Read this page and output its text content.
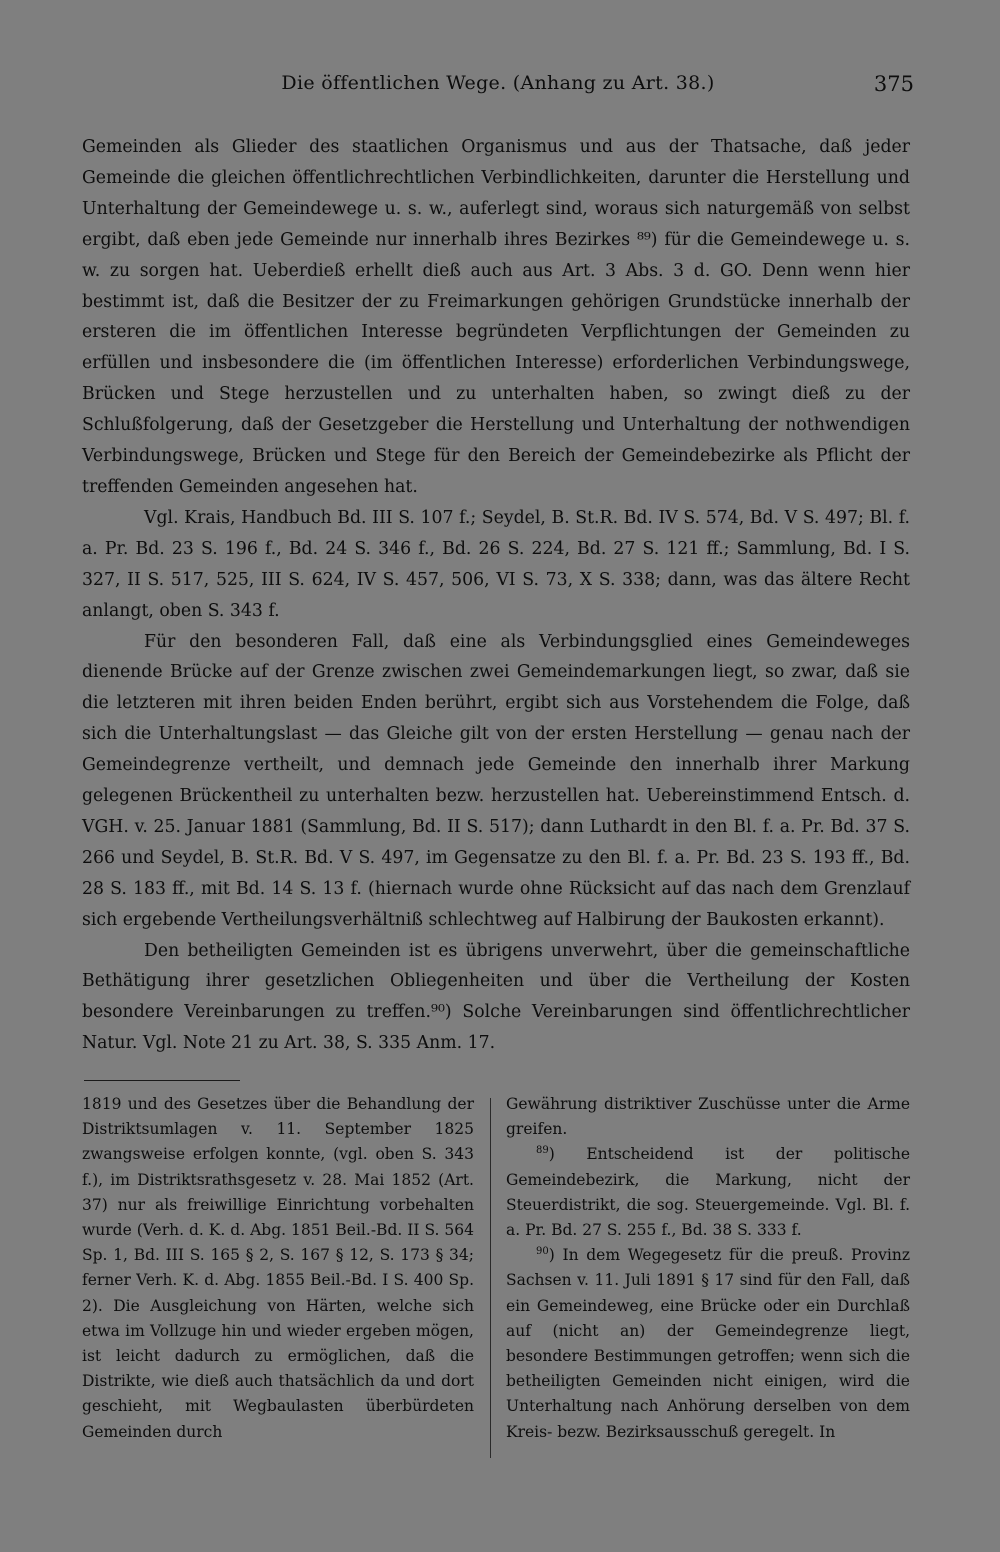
Die öffentlichen Wege. (Anhang zu Art. 38.)	375

Gemeinden als Glieder des staatlichen Organismus und aus der Thatsache, daß jeder Gemeinde die gleichen öffentlichrechtlichen Verbindlichkeiten, darunter die Herstellung und Unterhaltung der Gemeindewege u. s. w., auferlegt sind, woraus sich naturgemäß von selbst ergibt, daß eben jede Gemeinde nur innerhalb ihres Bezirkes ⁸⁹) für die Gemeindewege u. s. w. zu sorgen hat. Ueberdieß erhellt dieß auch aus Art. 3 Abs. 3 d. GO. Denn wenn hier bestimmt ist, daß die Besitzer der zu Freimarkungen gehörigen Grundstücke innerhalb der ersteren die im öffentlichen Interesse begründeten Verpflichtungen der Gemeinden zu erfüllen und insbesondere die (im öffentlichen Interesse) erforderlichen Verbindungswege, Brücken und Stege herzustellen und zu unterhalten haben, so zwingt dieß zu der Schlußfolgerung, daß der Gesetzgeber die Herstellung und Unterhaltung der nothwendigen Verbindungswege, Brücken und Stege für den Bereich der Gemeindebezirke als Pflicht der treffenden Gemeinden angesehen hat.

Vgl. Krais, Handbuch Bd. III S. 107 f.; Seydel, B. St.R. Bd. IV S. 574, Bd. V S. 497; Bl. f. a. Pr. Bd. 23 S. 196 f., Bd. 24 S. 346 f., Bd. 26 S. 224, Bd. 27 S. 121 ff.; Sammlung, Bd. I S. 327, II S. 517, 525, III S. 624, IV S. 457, 506, VI S. 73, X S. 338; dann, was das ältere Recht anlangt, oben S. 343 f.

Für den besonderen Fall, daß eine als Verbindungsglied eines Gemeindeweges dienende Brücke auf der Grenze zwischen zwei Gemeindemarkungen liegt, so zwar, daß sie die letzteren mit ihren beiden Enden berührt, ergibt sich aus Vorstehendem die Folge, daß sich die Unterhaltungslast — das Gleiche gilt von der ersten Herstellung — genau nach der Gemeindegrenze vertheilt, und demnach jede Gemeinde den innerhalb ihrer Markung gelegenen Brückentheil zu unterhalten bezw. herzustellen hat. Uebereinstimmend Entsch. d. VGH. v. 25. Januar 1881 (Sammlung, Bd. II S. 517); dann Luthardt in den Bl. f. a. Pr. Bd. 37 S. 266 und Seydel, B. St.R. Bd. V S. 497, im Gegensatze zu den Bl. f. a. Pr. Bd. 23 S. 193 ff., Bd. 28 S. 183 ff., mit Bd. 14 S. 13 f. (hiernach wurde ohne Rücksicht auf das nach dem Grenzlauf sich ergebende Vertheilungsverhältniß schlechtweg auf Halbirung der Baukosten erkannt).

Den betheiligten Gemeinden ist es übrigens unverwehrt, über die gemeinschaftliche Bethätigung ihrer gesetzlichen Obliegenheiten und über die Vertheilung der Kosten besondere Vereinbarungen zu treffen.⁹⁰) Solche Vereinbarungen sind öffentlichrechtlicher Natur. Vgl. Note 21 zu Art. 38, S. 335 Anm. 17.

1819 und des Gesetzes über die Behandlung der Distriktsumlagen v. 11. September 1825 zwangsweise erfolgen konnte, (vgl. oben S. 343 f.), im Distriktsrathsgesetz v. 28. Mai 1852 (Art. 37) nur als freiwillige Einrichtung vorbehalten wurde (Verh. d. K. d. Abg. 1851 Beil.-Bd. II S. 564 Sp. 1, Bd. III S. 165 § 2, S. 167 § 12, S. 173 § 34; ferner Verh. K. d. Abg. 1855 Beil.-Bd. I S. 400 Sp. 2). Die Ausgleichung von Härten, welche sich etwa im Vollzuge hin und wieder ergeben mögen, ist leicht dadurch zu ermöglichen, daß die Distrikte, wie dieß auch thatsächlich da und dort geschieht, mit Wegbaulasten überbürdeten Gemeinden durch

Gewährung distriktiver Zuschüsse unter die Arme greifen.

$^{89}$) Entscheidend ist der politische Gemeindebezirk, die Markung, nicht der Steuerdistrikt, die sog. Steuergemeinde. Vgl. Bl. f. a. Pr. Bd. 27 S. 255 f., Bd. 38 S. 333 f.

$^{90}$) In dem Wegegesetz für die preuß. Provinz Sachsen v. 11. Juli 1891 § 17 sind für den Fall, daß ein Gemeindeweg, eine Brücke oder ein Durchlaß auf (nicht an) der Gemeindegrenze liegt, besondere Bestimmungen getroffen; wenn sich die betheiligten Gemeinden nicht einigen, wird die Unterhaltung nach Anhörung derselben von dem Kreis- bezw. Bezirksausschuß geregelt. In
